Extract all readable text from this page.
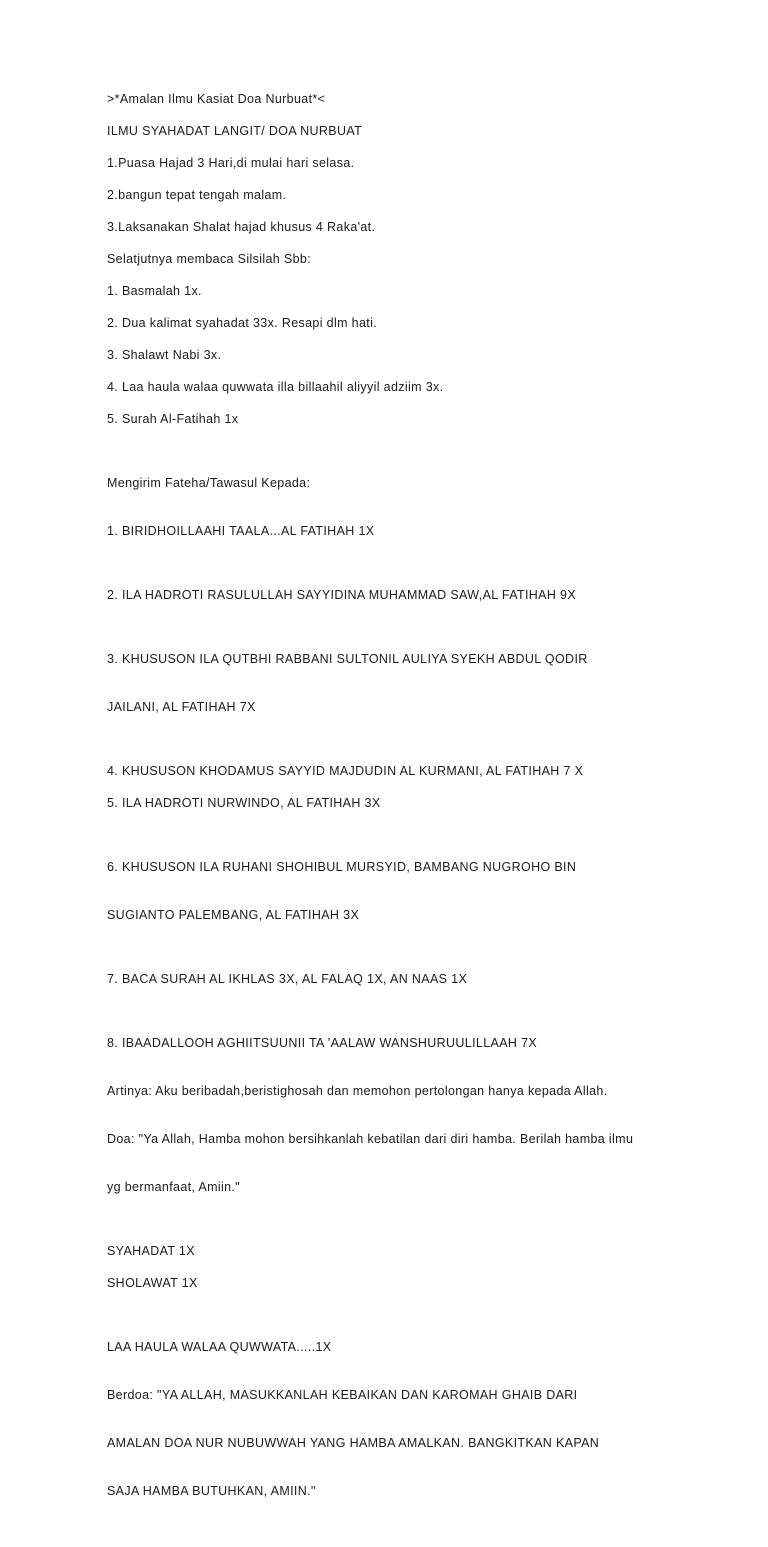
>*Amalan Ilmu Kasiat Doa Nurbuat*<
ILMU SYAHADAT LANGIT/ DOA NURBUAT
1.Puasa Hajad 3 Hari,di mulai hari selasa.
2.bangun tepat tengah malam.
3.Laksanakan Shalat hajad khusus 4 Raka'at.
Selatjutnya membaca Silsilah Sbb:
1. Basmalah 1x.
2. Dua kalimat syahadat 33x. Resapi dlm hati.
3. Shalawt Nabi 3x.
4. Laa haula walaa quwwata illa billaahil aliyyil adziim 3x.
5. Surah Al-Fatihah 1x

Mengirim Fateha/Tawasul Kepada:

1. BIRIDHOILLAAHI TAALA...AL FATIHAH 1X

2. ILA HADROTI RASULULLAH SAYYIDINA MUHAMMAD SAW,AL FATIHAH 9X

3. KHUSUSON ILA QUTBHI RABBANI SULTONIL AULIYA SYEKH ABDUL QODIR

JAILANI, AL FATIHAH 7X

4. KHUSUSON KHODAMUS SAYYID MAJDUDIN AL KURMANI, AL FATIHAH 7 X
5. ILA HADROTI NURWINDO, AL FATIHAH 3X

6. KHUSUSON ILA RUHANI SHOHIBUL MURSYID, BAMBANG NUGROHO BIN

SUGIANTO PALEMBANG, AL FATIHAH 3X

7. BACA SURAH AL IKHLAS 3X, AL FALAQ 1X, AN NAAS 1X

8. IBAADALLOOH AGHIITSUUNII TA 'AALAW WANSHURUULILLAAH 7X

Artinya: Aku beribadah,beristighosah dan memohon pertolongan hanya kepada Allah.

Doa: "Ya Allah, Hamba mohon bersihkanlah kebatilan dari diri hamba. Berilah hamba ilmu

yg bermanfaat, Amiin."

SYAHADAT 1X
SHOLAWAT 1X

LAA HAULA WALAA QUWWATA.....1X

Berdoa: "YA ALLAH, MASUKKANLAH KEBAIKAN DAN KAROMAH GHAIB DARI

AMALAN DOA NUR NUBUWWAH YANG HAMBA AMALKAN. BANGKITKAN KAPAN

SAJA HAMBA BUTUHKAN, AMIIN."
